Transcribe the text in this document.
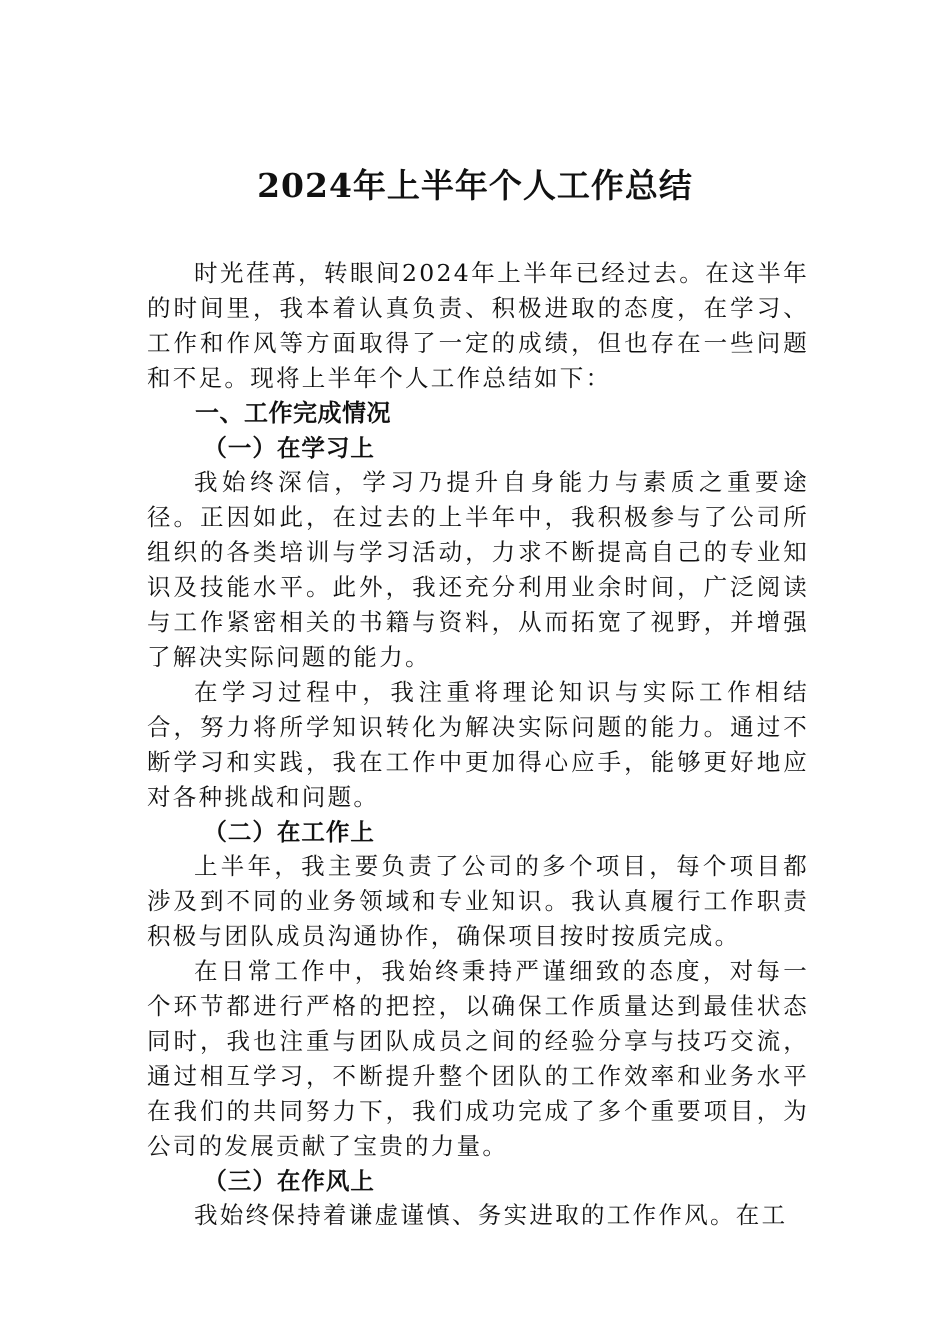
2024年上半年个人工作总结

时光荏苒，转眼间2024年上半年已经过去。在这半年的时间里，我本着认真负责、积极进取的态度，在学习、工作和作风等方面取得了一定的成绩，但也存在一些问题和不足。现将上半年个人工作总结如下：

一、工作完成情况

（一）在学习上

我始终深信，学习乃提升自身能力与素质之重要途径。正因如此，在过去的上半年中，我积极参与了公司所组织的各类培训与学习活动，力求不断提高自己的专业知识及技能水平。此外，我还充分利用业余时间，广泛阅读与工作紧密相关的书籍与资料，从而拓宽了视野，并增强了解决实际问题的能力。

在学习过程中，我注重将理论知识与实际工作相结合，努力将所学知识转化为解决实际问题的能力。通过不断学习和实践，我在工作中更加得心应手，能够更好地应对各种挑战和问题。

（二）在工作上

上半年，我主要负责了公司的多个项目，每个项目都涉及到不同的业务领域和专业知识。我认真履行工作职责积极与团队成员沟通协作，确保项目按时按质完成。

在日常工作中，我始终秉持严谨细致的态度，对每一个环节都进行严格的把控，以确保工作质量达到最佳状态同时，我也注重与团队成员之间的经验分享与技巧交流，通过相互学习，不断提升整个团队的工作效率和业务水平在我们的共同努力下，我们成功完成了多个重要项目，为公司的发展贡献了宝贵的力量。

（三）在作风上

我始终保持着谦虚谨慎、务实进取的工作作风。在工
